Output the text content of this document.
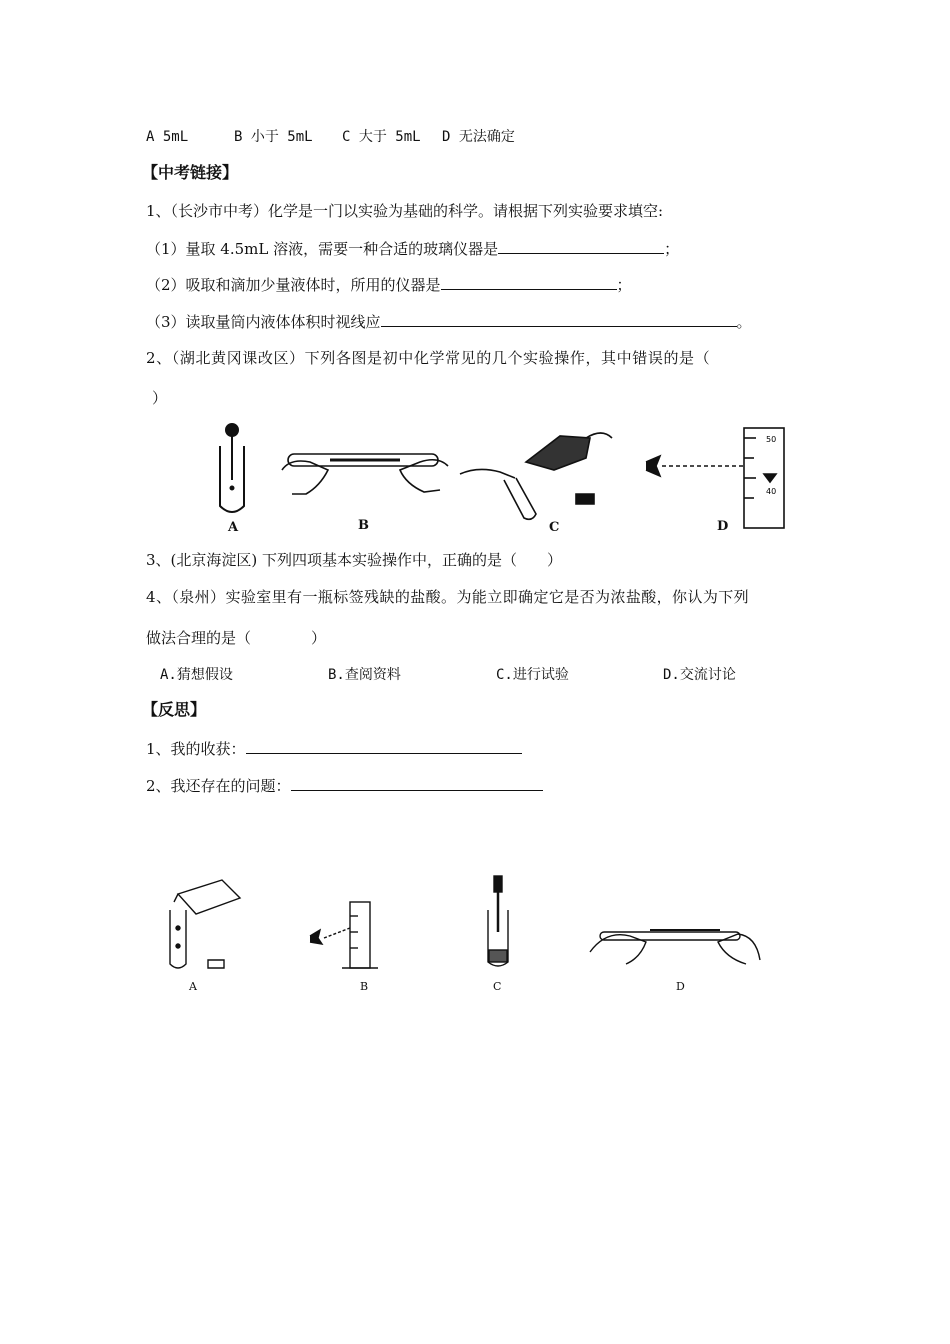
A 5mL	B 小于 5mL C 大于 5mL D 无法确定
【中考链接】
1、（长沙市中考）化学是一门以实验为基础的科学。请根据下列实验要求填空:
（1）量取 4.5mL 溶液，需要一种合适的玻璃仪器是	；
（2）吸取和滴加少量液体时，所用的仪器是	；
（3）读取量筒内液体体积时视线应	。
2、（湖北黄冈课改区）下列各图是初中化学常见的几个实验操作，其中错误的是（
）
50
40
A	B	C	D
3、(北京海淀区) 下列四项基本实验操作中，正确的是（　　）
4、（泉州）实验室里有一瓶标签残缺的盐酸。为能立即确定它是否为浓盐酸，你认为下列
做法合理的是（　　　　）
A.猜想假设	B.查阅资料	C.进行试验	D.交流讨论
【反思】
1、我的收获：
2、我还存在的问题：
A	B	C	D
